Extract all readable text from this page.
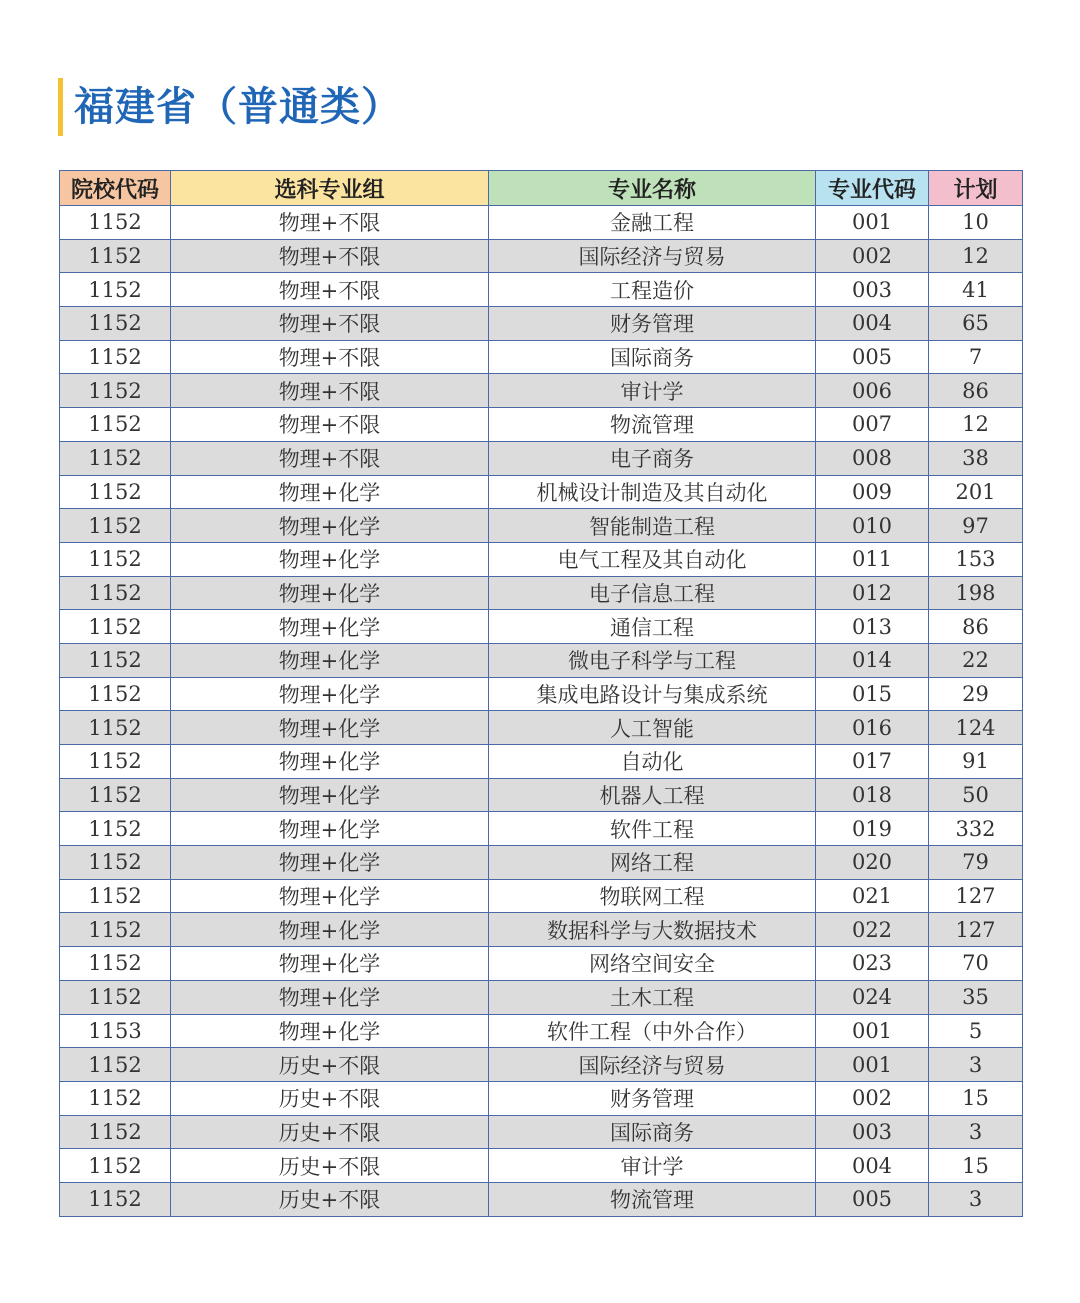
福建省（普通类）
院校代码	选科专业组	专业名称	专业代码	计划
1152	物理+不限	金融工程	001	10
1152	物理+不限	国际经济与贸易	002	12
1152	物理+不限	工程造价	003	41
1152	物理+不限	财务管理	004	65
1152	物理+不限	国际商务	005	7
1152	物理+不限	审计学	006	86
1152	物理+不限	物流管理	007	12
1152	物理+不限	电子商务	008	38
1152	物理+化学	机械设计制造及其自动化	009	201
1152	物理+化学	智能制造工程	010	97
1152	物理+化学	电气工程及其自动化	011	153
1152	物理+化学	电子信息工程	012	198
1152	物理+化学	通信工程	013	86
1152	物理+化学	微电子科学与工程	014	22
1152	物理+化学	集成电路设计与集成系统	015	29
1152	物理+化学	人工智能	016	124
1152	物理+化学	自动化	017	91
1152	物理+化学	机器人工程	018	50
1152	物理+化学	软件工程	019	332
1152	物理+化学	网络工程	020	79
1152	物理+化学	物联网工程	021	127
1152	物理+化学	数据科学与大数据技术	022	127
1152	物理+化学	网络空间安全	023	70
1152	物理+化学	土木工程	024	35
1153	物理+化学	软件工程（中外合作）	001	5
1152	历史+不限	国际经济与贸易	001	3
1152	历史+不限	财务管理	002	15
1152	历史+不限	国际商务	003	3
1152	历史+不限	审计学	004	15
1152	历史+不限	物流管理	005	3
